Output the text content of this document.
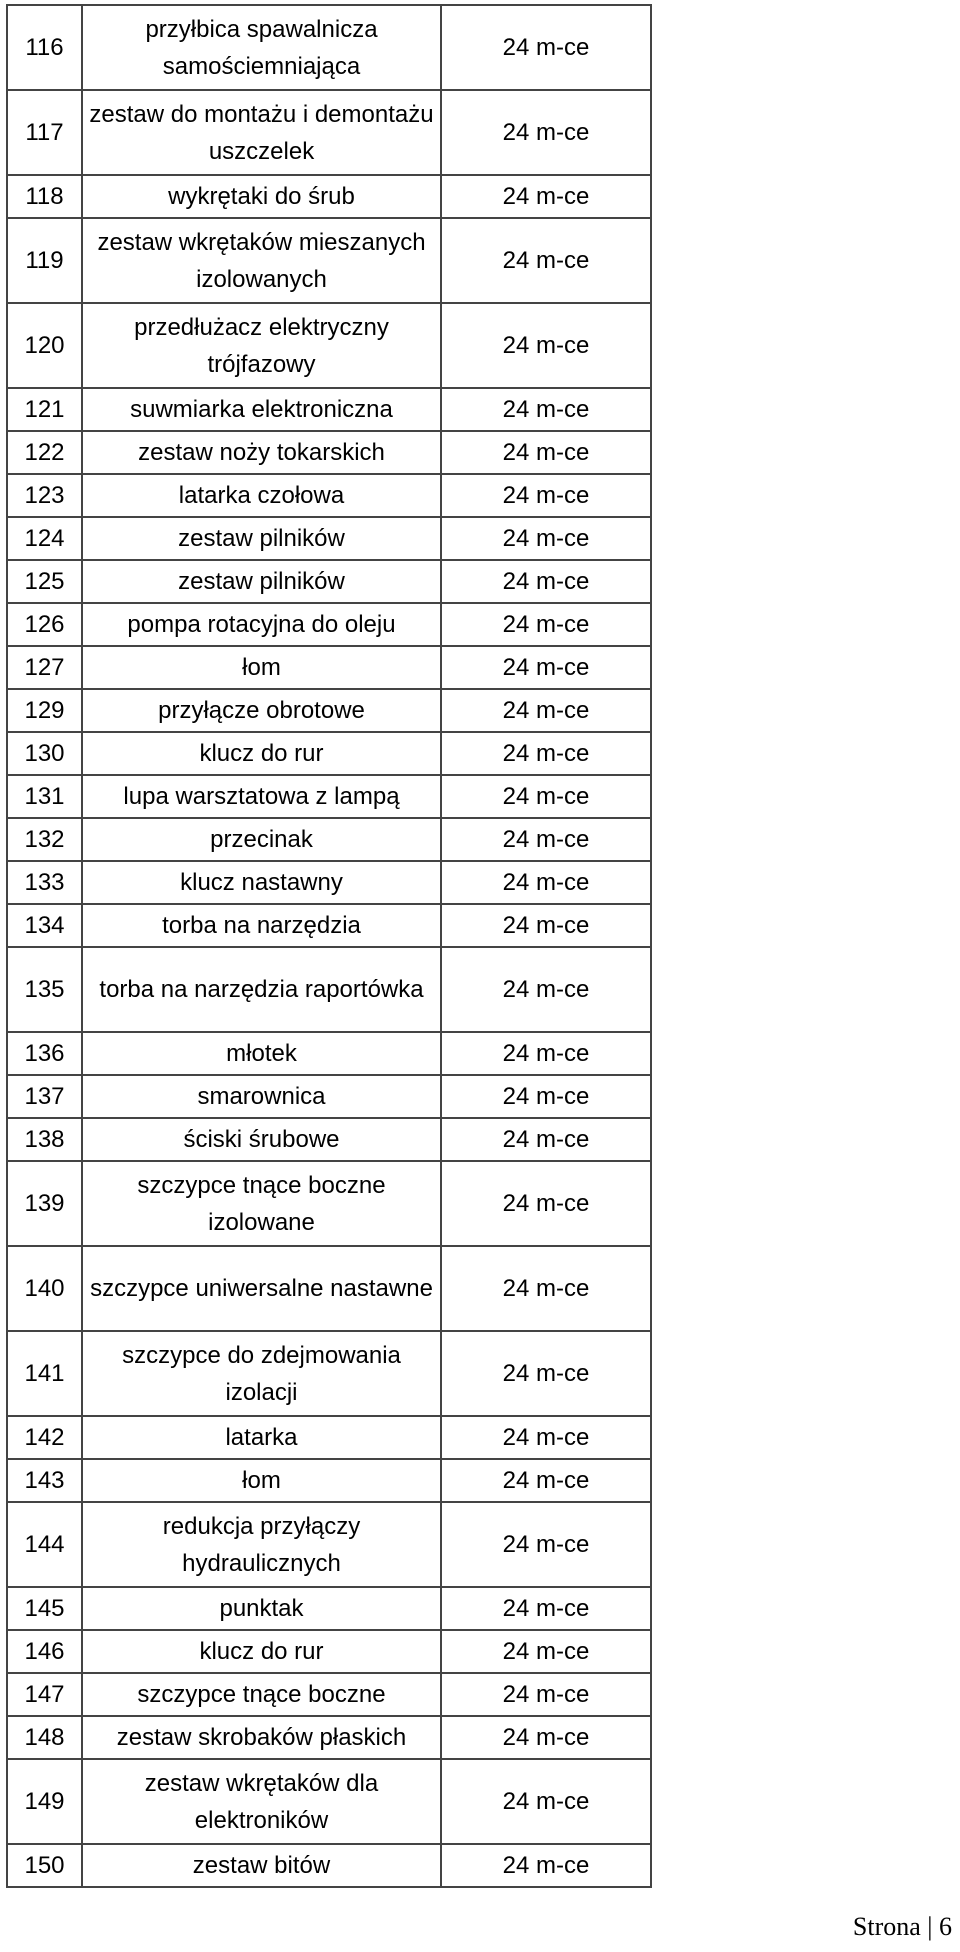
116	przyłbica spawalnicza samościemniająca	24 m-ce
117	zestaw do montażu i demontażu uszczelek	24 m-ce
118	wykrętaki do śrub	24 m-ce
119	zestaw wkrętaków mieszanych izolowanych	24 m-ce
120	przedłużacz elektryczny trójfazowy	24 m-ce
121	suwmiarka elektroniczna	24 m-ce
122	zestaw noży tokarskich	24 m-ce
123	latarka czołowa	24 m-ce
124	zestaw pilników	24 m-ce
125	zestaw pilników	24 m-ce
126	pompa rotacyjna do oleju	24 m-ce
127	łom	24 m-ce
129	przyłącze obrotowe	24 m-ce
130	klucz do rur	24 m-ce
131	lupa warsztatowa z lampą	24 m-ce
132	przecinak	24 m-ce
133	klucz nastawny	24 m-ce
134	torba na narzędzia	24 m-ce
135	torba na narzędzia raportówka	24 m-ce
136	młotek	24 m-ce
137	smarownica	24 m-ce
138	ściski śrubowe	24 m-ce
139	szczypce tnące boczne izolowane	24 m-ce
140	szczypce uniwersalne nastawne	24 m-ce
141	szczypce do zdejmowania izolacji	24 m-ce
142	latarka	24 m-ce
143	łom	24 m-ce
144	redukcja przyłączy hydraulicznych	24 m-ce
145	punktak	24 m-ce
146	klucz do rur	24 m-ce
147	szczypce tnące boczne	24 m-ce
148	zestaw skrobaków płaskich	24 m-ce
149	zestaw wkrętaków dla elektroników	24 m-ce
150	zestaw bitów	24 m-ce
Strona | 6
